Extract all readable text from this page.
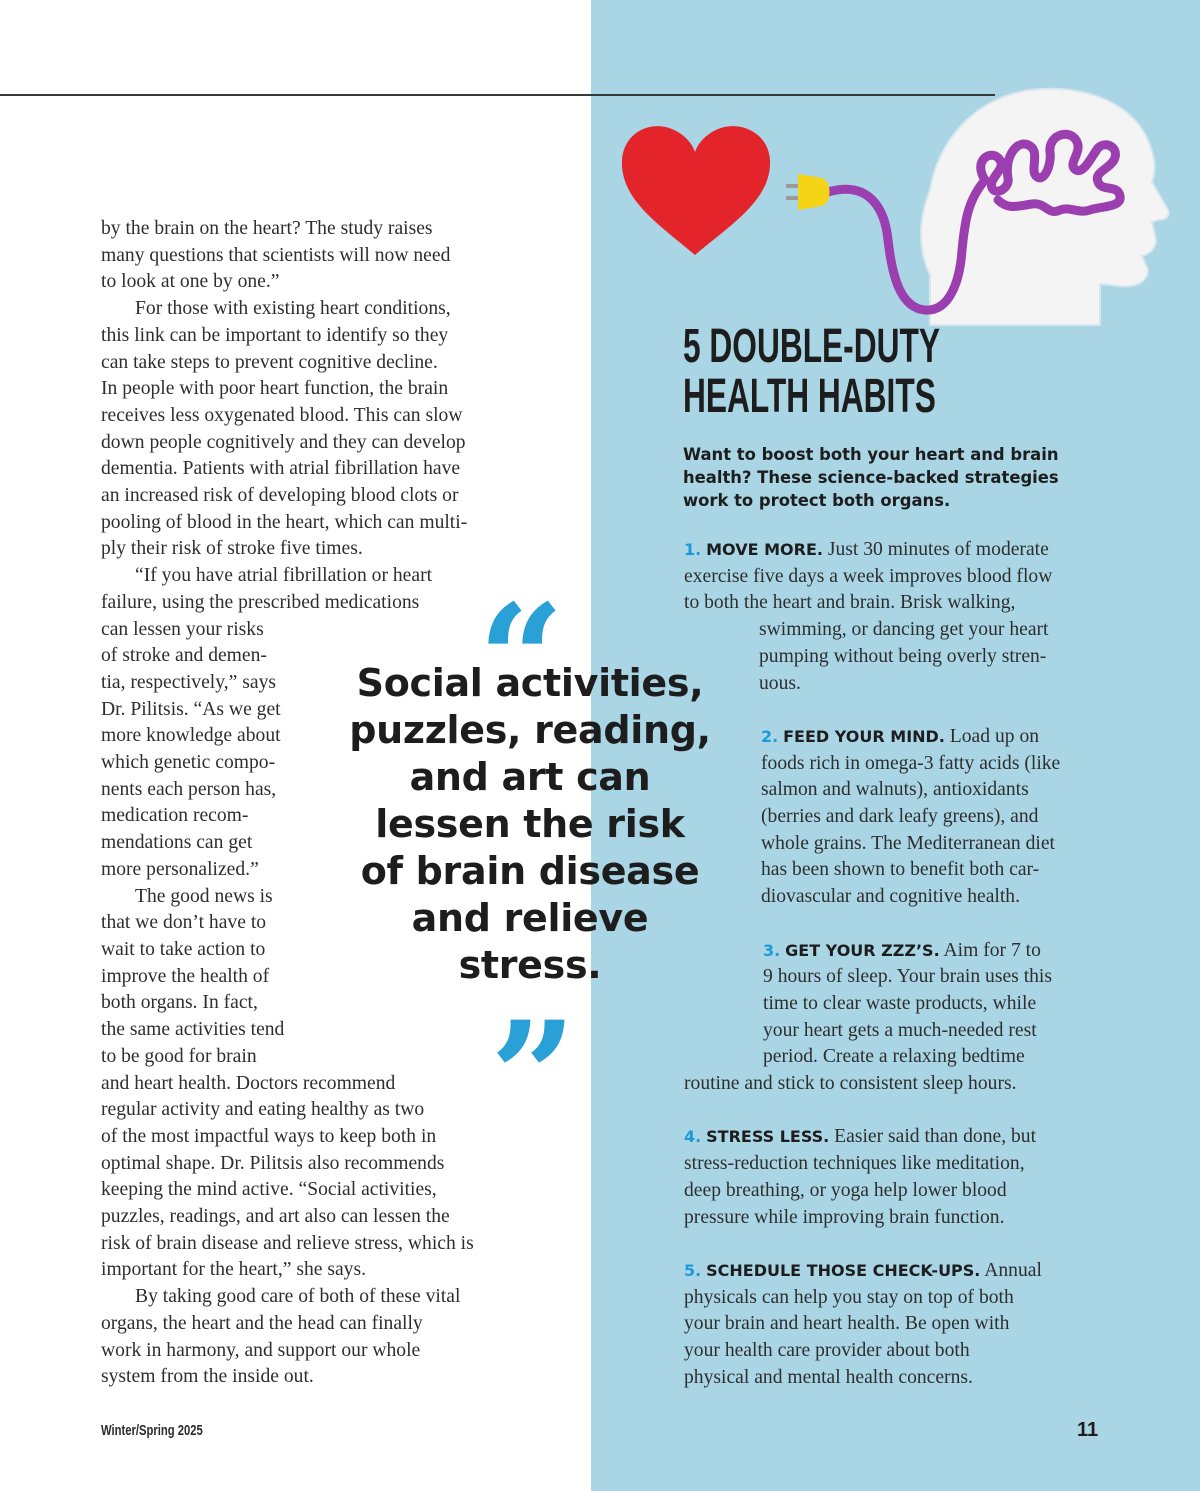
by the brain on the heart? The study raises
many questions that scientists will now need
to look at one by one.”

For those with existing heart conditions,
this link can be important to identify so they
can take steps to prevent cognitive decline.
In people with poor heart function, the brain
receives less oxygenated blood. This can slow
down people cognitively and they can develop
dementia. Patients with atrial fibrillation have
an increased risk of developing blood clots or
pooling of blood in the heart, which can multi-
ply their risk of stroke five times.

“If you have atrial fibrillation or heart
failure, using the prescribed medications
can lessen your risks
of stroke and demen-
tia, respectively,” says
Dr. Pilitsis. “As we get
more knowledge about
which genetic compo-
nents each person has,
medication recom-
mendations can get
more personalized.”

The good news is
that we don’t have to
wait to take action to
improve the health of
both organs. In fact,
the same activities tend
to be good for brain
and heart health. Doctors recommend
regular activity and eating healthy as two
of the most impactful ways to keep both in
optimal shape. Dr. Pilitsis also recommends
keeping the mind active. “Social activities,
puzzles, readings, and art also can lessen the
risk of brain disease and relieve stress, which is
important for the heart,” she says.

By taking good care of both of these vital
organs, the heart and the head can finally
work in harmony, and support our whole
system from the inside out.

“
Social activities,
puzzles, reading,
and art can
lessen the risk
of brain disease
and relieve
stress.
”
5 DOUBLE-DUTY
HEALTH HABITS
Want to boost both your heart and brain
health? These science-backed strategies
work to protect both organs.
1. MOVE MORE. Just 30 minutes of moderate
exercise five days a week improves blood flow
to both the heart and brain. Brisk walking,
swimming, or dancing get your heart
pumping without being overly stren-
uous.
2. FEED YOUR MIND. Load up on
foods rich in omega-3 fatty acids (like
salmon and walnuts), antioxidants
(berries and dark leafy greens), and
whole grains. The Mediterranean diet
has been shown to benefit both car-
diovascular and cognitive health.
3. GET YOUR ZZZ’S. Aim for 7 to
9 hours of sleep. Your brain uses this
time to clear waste products, while
your heart gets a much-needed rest
period. Create a relaxing bedtime
routine and stick to consistent sleep hours.
4. STRESS LESS. Easier said than done, but
stress-reduction techniques like meditation,
deep breathing, or yoga help lower blood
pressure while improving brain function.
5. SCHEDULE THOSE CHECK-UPS. Annual
physicals can help you stay on top of both
your brain and heart health. Be open with
your health care provider about both
physical and mental health concerns.
Winter/Spring 2025	11
